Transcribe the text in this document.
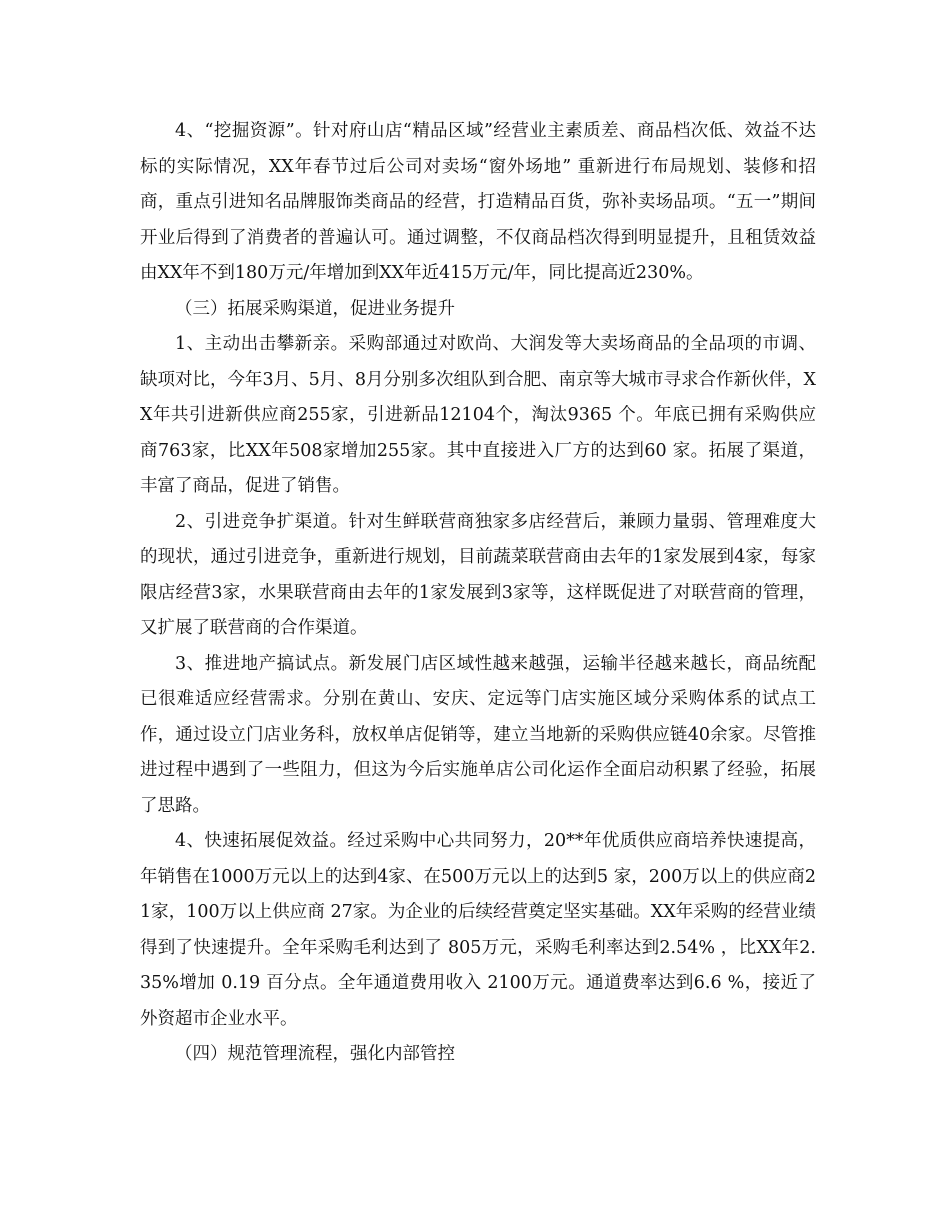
4、“挖掘资源”。针对府山店“精品区域”经营业主素质差、商品档次低、效益不达标的实际情况，XX年春节过后公司对卖场“窗外场地” 重新进行布局规划、装修和招商，重点引进知名品牌服饰类商品的经营，打造精品百货，弥补卖场品项。“五一”期间开业后得到了消费者的普遍认可。通过调整，不仅商品档次得到明显提升，且租赁效益由XX年不到180万元/年增加到XX年近415万元/年，同比提高近230%。

（三）拓展采购渠道，促进业务提升

1、主动出击攀新亲。采购部通过对欧尚、大润发等大卖场商品的全品项的市调、缺项对比，今年3月、5月、8月分别多次组队到合肥、南京等大城市寻求合作新伙伴，XX年共引进新供应商255家，引进新品12104个，淘汰9365 个。年底已拥有采购供应商763家，比XX年508家增加255家。其中直接进入厂方的达到60 家。拓展了渠道，丰富了商品，促进了销售。

2、引进竞争扩渠道。针对生鲜联营商独家多店经营后，兼顾力量弱、管理难度大的现状，通过引进竞争，重新进行规划，目前蔬菜联营商由去年的1家发展到4家，每家限店经营3家，水果联营商由去年的1家发展到3家等，这样既促进了对联营商的管理，又扩展了联营商的合作渠道。

3、推进地产搞试点。新发展门店区域性越来越强，运输半径越来越长，商品统配已很难适应经营需求。分别在黄山、安庆、定远等门店实施区域分采购体系的试点工作，通过设立门店业务科，放权单店促销等，建立当地新的采购供应链40余家。尽管推进过程中遇到了一些阻力，但这为今后实施单店公司化运作全面启动积累了经验，拓展了思路。

4、快速拓展促效益。经过采购中心共同努力，20**年优质供应商培养快速提高，年销售在1000万元以上的达到4家、在500万元以上的达到5 家，200万以上的供应商21家，100万以上供应商 27家。为企业的后续经营奠定坚实基础。XX年采购的经营业绩得到了快速提升。全年采购毛利达到了 805万元，采购毛利率达到2.54% ，比XX年2.35%增加 0.19 百分点。全年通道费用收入 2100万元。通道费率达到6.6 %，接近了外资超市企业水平。

（四）规范管理流程，强化内部管控
